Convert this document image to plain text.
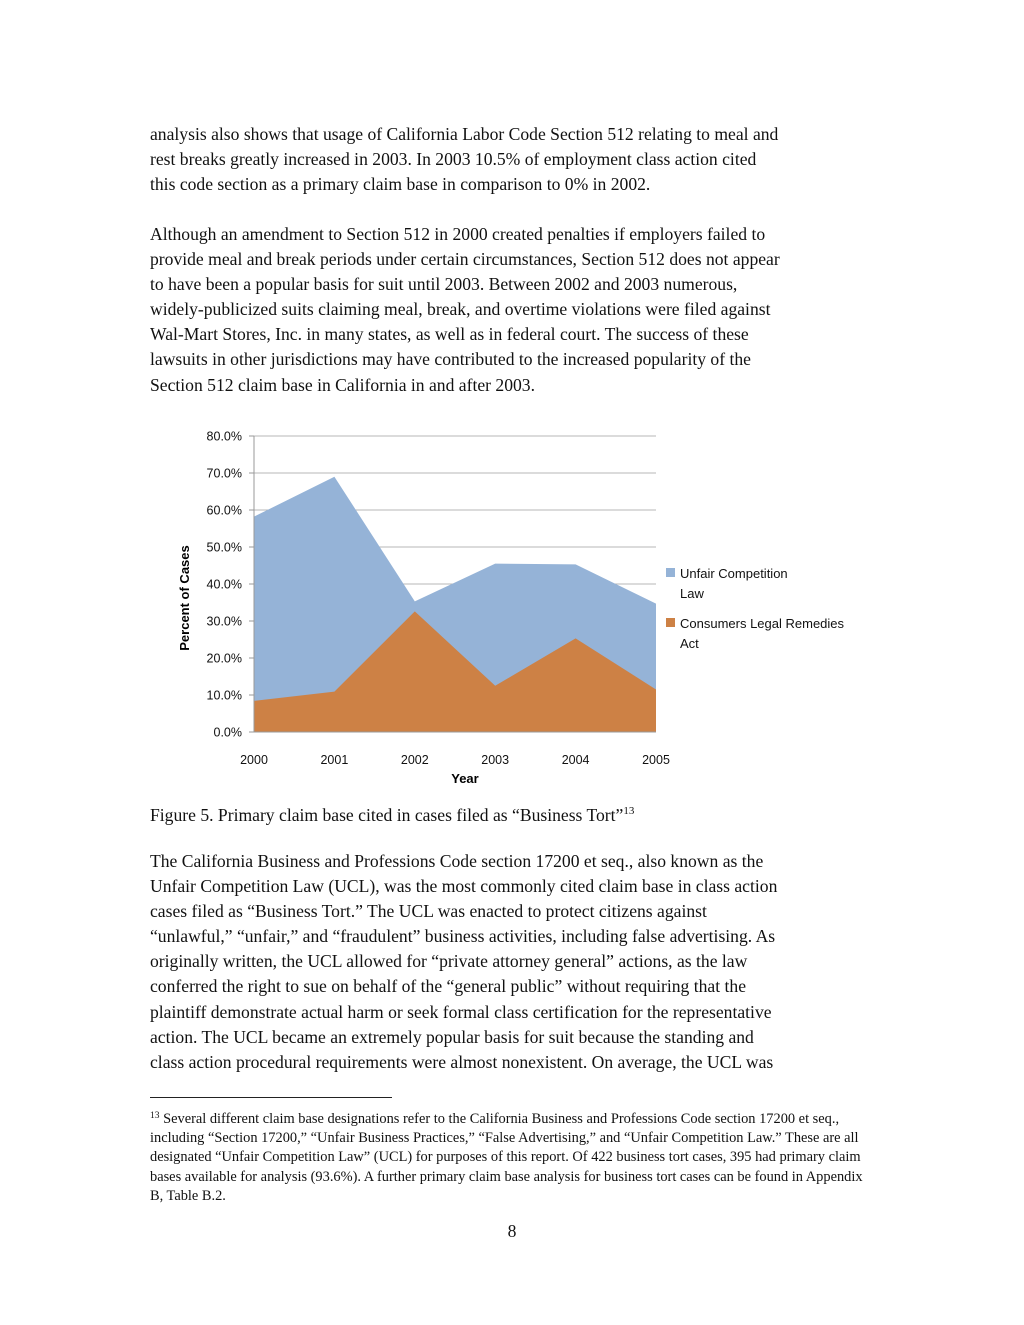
analysis also shows that usage of California Labor Code Section 512 relating to meal and
rest breaks greatly increased in 2003. In 2003 10.5% of employment class action cited
this code section as a primary claim base in comparison to 0% in 2002.
Although an amendment to Section 512 in 2000 created penalties if employers failed to
provide meal and break periods under certain circumstances, Section 512 does not appear
to have been a popular basis for suit until 2003. Between 2002 and 2003 numerous,
widely-publicized suits claiming meal, break, and overtime violations were filed against
Wal-Mart Stores, Inc. in many states, as well as in federal court. The success of these
lawsuits in other jurisdictions may have contributed to the increased popularity of the
Section 512 claim base in California in and after 2003.
0.0%
10.0%
20.0%
30.0%
40.0%
50.0%
60.0%
70.0%
80.0%
2000	2001	2002	2003	2004	2005
Percent of Cases
Year
Unfair Competition
Law
Consumers Legal Remedies
Act
Figure 5. Primary claim base cited in cases filed as “Business Tort”$^{13}$
The California Business and Professions Code section 17200 et seq., also known as the
Unfair Competition Law (UCL), was the most commonly cited claim base in class action
cases filed as “Business Tort.” The UCL was enacted to protect citizens against
“unlawful,” “unfair,” and “fraudulent” business activities, including false advertising. As
originally written, the UCL allowed for “private attorney general” actions, as the law
conferred the right to sue on behalf of the “general public” without requiring that the
plaintiff demonstrate actual harm or seek formal class certification for the representative
action. The UCL became an extremely popular basis for suit because the standing and
class action procedural requirements were almost nonexistent. On average, the UCL was

$^{13}$ Several different claim base designations refer to the California Business and Professions Code section 17200 et seq., including “Section 17200,” “Unfair Business Practices,” “False Advertising,” and “Unfair Competition Law.” These are all designated “Unfair Competition Law” (UCL) for purposes of this report. Of 422 business tort cases, 395 had primary claim bases available for analysis (93.6%). A further primary claim base analysis for business tort cases can be found in Appendix B, Table B.2.

8
